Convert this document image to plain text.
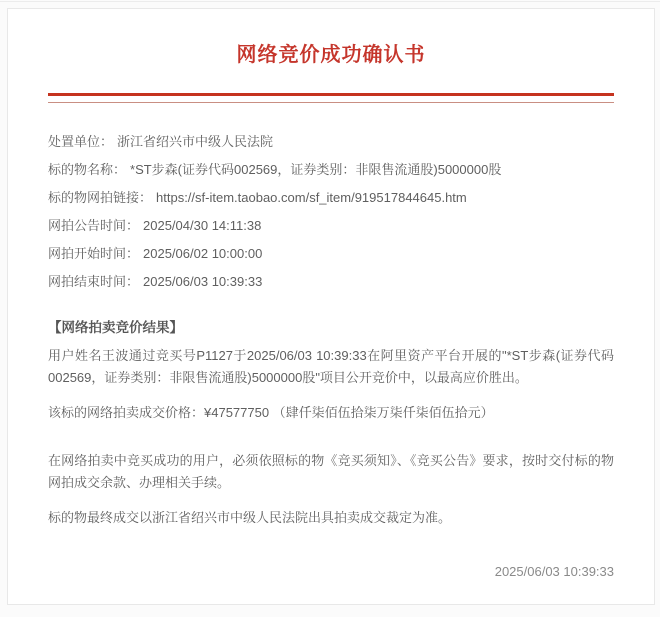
网络竞价成功确认书
处置单位： 浙江省绍兴市中级人民法院
标的物名称： *ST步森(证券代码002569，证券类别：非限售流通股)5000000股
标的物网拍链接： https://sf-item.taobao.com/sf_item/919517844645.htm
网拍公告时间： 2025/04/30 14:11:38
网拍开始时间： 2025/06/02 10:00:00
网拍结束时间： 2025/06/03 10:39:33
【网络拍卖竞价结果】

用户姓名王波通过竞买号P1127于2025/06/03 10:39:33在阿里资产平台开展的"*ST步森(证券代码002569，证券类别：非限售流通股)5000000股"项目公开竞价中，以最高应价胜出。

该标的网络拍卖成交价格：¥47577750 （肆仟柒佰伍拾柒万柒仟柒佰伍拾元）

在网络拍卖中竞买成功的用户，必须依照标的物《竞买须知》、《竞买公告》要求，按时交付标的物网拍成交余款、办理相关手续。

标的物最终成交以浙江省绍兴市中级人民法院出具拍卖成交裁定为准。

2025/06/03 10:39:33
